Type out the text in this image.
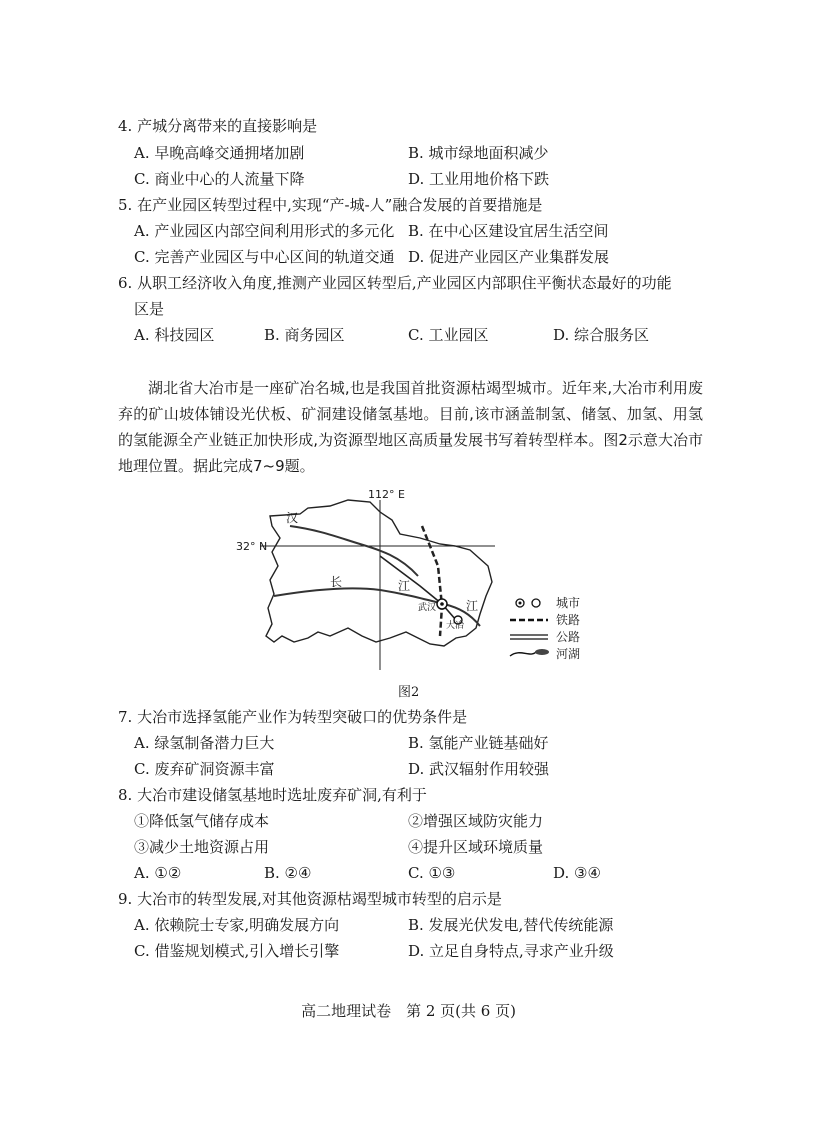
4. 产城分离带来的直接影响是
A. 早晚高峰交通拥堵加剧	B. 城市绿地面积减少
C. 商业中心的人流量下降	D. 工业用地价格下跌
5. 在产业园区转型过程中,实现“产-城-人”融合发展的首要措施是
A. 产业园区内部空间利用形式的多元化 B. 在中心区建设宜居生活空间
C. 完善产业园区与中心区间的轨道交通 D. 促进产业园区产业集群发展
6. 从职工经济收入角度,推测产业园区转型后,产业园区内部职住平衡状态最好的功能
区是
A. 科技园区	B. 商务园区	C. 工业园区	D. 综合服务区
湖北省大冶市是一座矿冶名城,也是我国首批资源枯竭型城市。近年来,大冶市利用废弃的矿山坡体铺设光伏板、矿洞建设储氢基地。目前,该市涵盖制氢、储氢、加氢、用氢的氢能源全产业链正加快形成,为资源型地区高质量发展书写着转型样本。图2示意大冶市地理位置。据此完成7~9题。
112° E
32° N
汉
长	江
江
武汉
大冶
城市
铁路
公路
河湖
图2
7. 大冶市选择氢能产业作为转型突破口的优势条件是
A. 绿氢制备潜力巨大	B. 氢能产业链基础好
C. 废弃矿洞资源丰富	D. 武汉辐射作用较强
8. 大冶市建设储氢基地时选址废弃矿洞,有利于
①降低氢气储存成本	②增强区域防灾能力
③减少土地资源占用	④提升区域环境质量
A. ①②	B. ②④	C. ①③	D. ③④
9. 大冶市的转型发展,对其他资源枯竭型城市转型的启示是
A. 依赖院士专家,明确发展方向	B. 发展光伏发电,替代传统能源
C. 借鉴规划模式,引入增长引擎	D. 立足自身特点,寻求产业升级
高二地理试卷　第 2 页(共 6 页)
